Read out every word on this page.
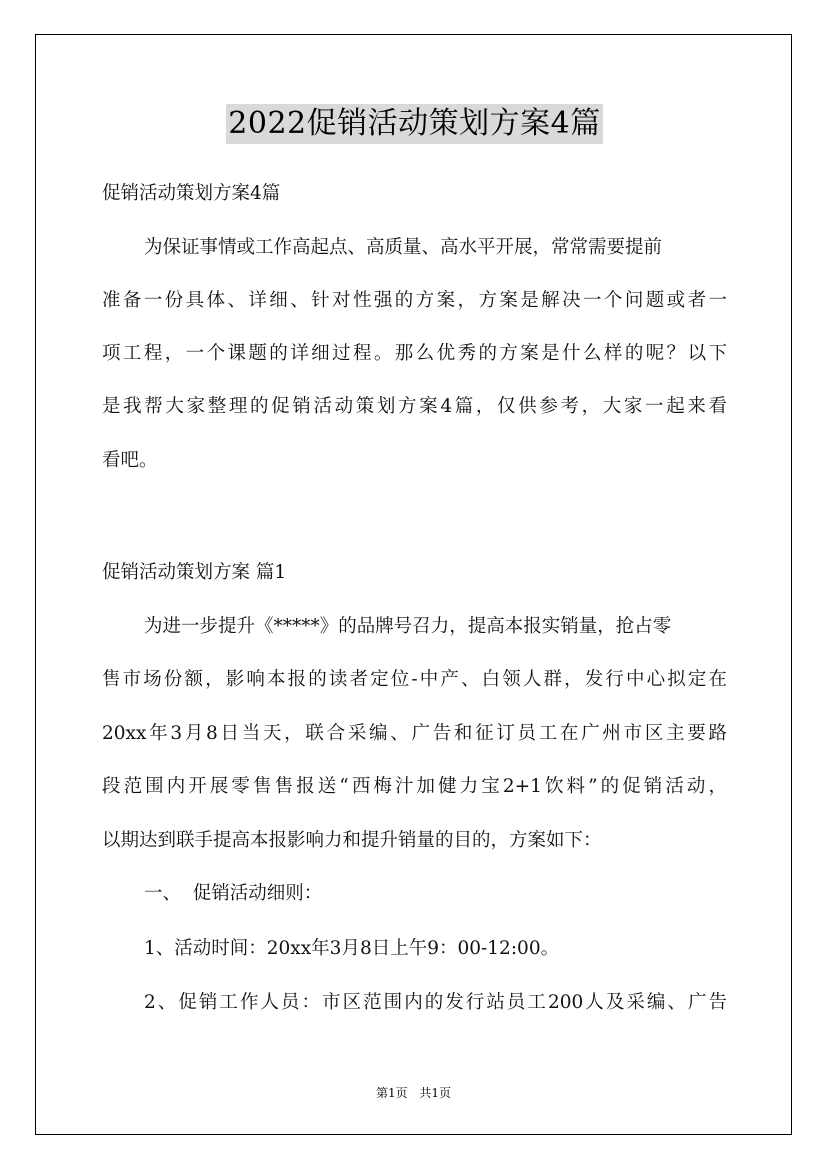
2022促销活动策划方案4篇
促销活动策划方案4篇
为保证事情或工作高起点、高质量、高水平开展，常常需要提前
准备一份具体、详细、针对性强的方案，方案是解决一个问题或者一
项工程，一个课题的详细过程。那么优秀的方案是什么样的呢？以下
是我帮大家整理的促销活动策划方案4篇，仅供参考，大家一起来看
看吧。
促销活动策划方案 篇1
为进一步提升《*****》的品牌号召力，提高本报实销量，抢占零
售市场份额，影响本报的读者定位-中产、白领人群，发行中心拟定在
20xx年3月8日当天，联合采编、广告和征订员工在广州市区主要路
段范围内开展零售售报送“西梅汁加健力宝2+1饮料”的促销活动，
以期达到联手提高本报影响力和提升销量的目的，方案如下：
一、  促销活动细则：
1、活动时间：20xx年3月8日上午9：00-12:00。
2、促销工作人员：市区范围内的发行站员工200人及采编、广告
第1页 共1页
